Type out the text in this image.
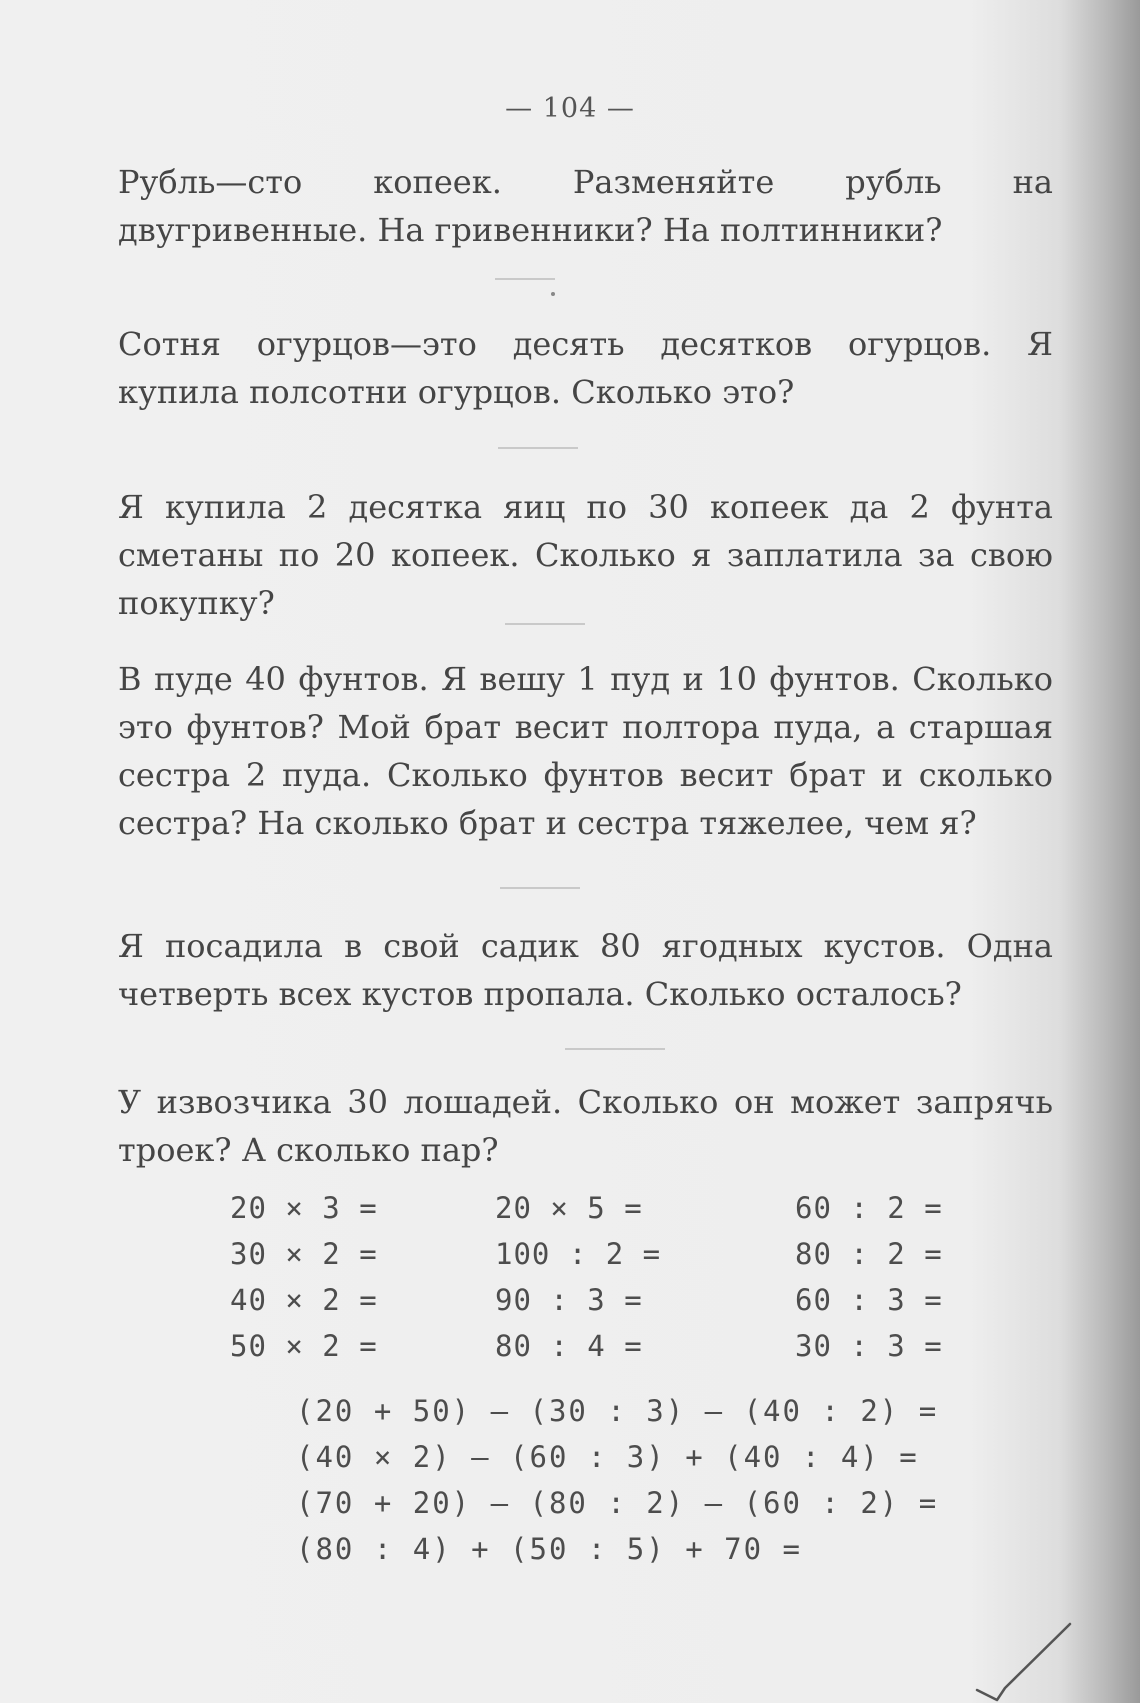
— 104 —

Рубль—сто копеек. Разменяйте рубль на двугривенные. На гривенники? На полтинники?

Сотня огурцов—это десять десятков огурцов. Я купила полсотни огурцов. Сколько это?

Я купила 2 десятка яиц по 30 копеек да 2 фунта сметаны по 20 копеек. Сколько я заплатила за свою покупку?

В пуде 40 фунтов. Я вешу 1 пуд и 10 фунтов. Сколько это фунтов? Мой брат весит полтора пуда, а старшая сестра 2 пуда. Сколько фунтов весит брат и сколько сестра? На сколько брат и сестра тяжелее, чем я?

Я посадила в свой садик 80 ягодных кустов. Одна четверть всех кустов пропала. Сколько осталось?

У извозчика 30 лошадей. Сколько он может запрячь троек? А сколько пар?

20 × 3 =
30 × 2 =
40 × 2 =
50 × 2 =
20 × 5 =
100 : 2 =
90 : 3 =
80 : 4 =
60 : 2 =
80 : 2 =
60 : 3 =
30 : 3 =
(20 + 50) — (30 : 3) — (40 : 2) =
(40 × 2) — (60 : 3) + (40 : 4) =
(70 + 20) — (80 : 2) — (60 : 2) =
(80 : 4) + (50 : 5) + 70 =
